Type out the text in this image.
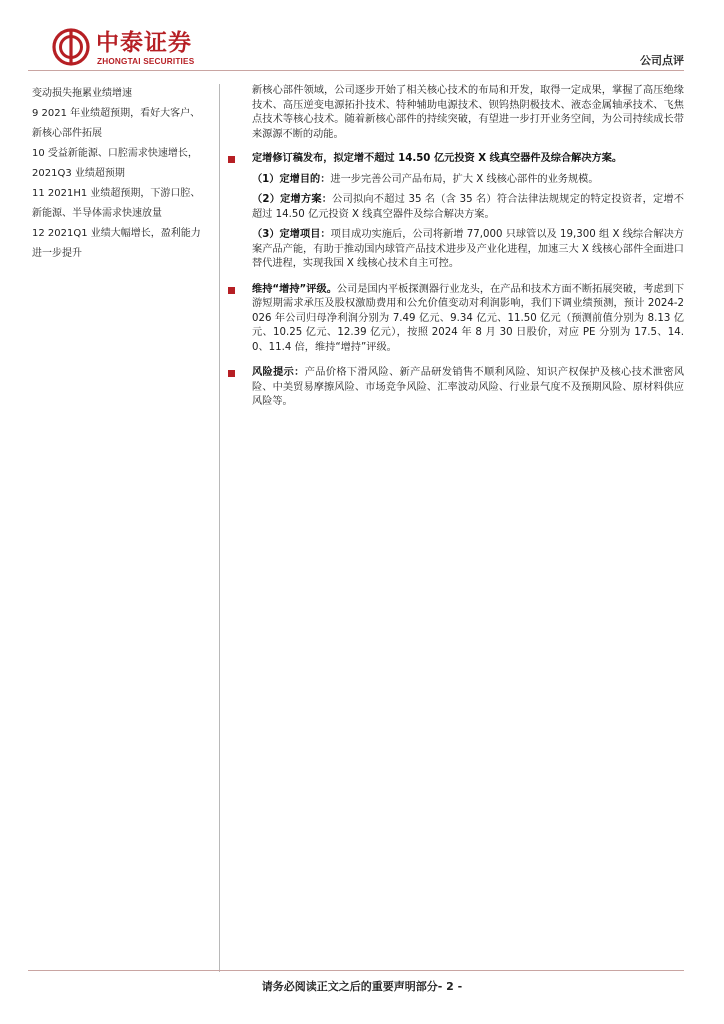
中泰证券
ZHONGTAI SECURITIES	公司点评
变动损失拖累业绩增速
9 2021 年业绩超预期，看好大客户、
新核心部件拓展
10 受益新能源、口腔需求快速增长，
2021Q3 业绩超预期
11 2021H1 业绩超预期，下游口腔、
新能源、半导体需求快速放量
12 2021Q1 业绩大幅增长，盈利能力
进一步提升

新核心部件领域，公司逐步开始了相关核心技术的布局和开发，取得一定成果，掌握了高压绝缘技术、高压逆变电源拓扑技术、特种辅助电源技术、钡钨热阴极技术、液态金属轴承技术、飞焦点技术等核心技术。随着新核心部件的持续突破，有望进一步打开业务空间，为公司持续成长带来源源不断的动能。

定增修订稿发布，拟定增不超过 14.50 亿元投资 X 线真空器件及综合解决方案。

（1）定增目的：进一步完善公司产品布局，扩大 X 线核心部件的业务规模。

（2）定增方案：公司拟向不超过 35 名（含 35 名）符合法律法规规定的特定投资者，定增不超过 14.50 亿元投资 X 线真空器件及综合解决方案。

（3）定增项目：项目成功实施后，公司将新增 77,000 只球管以及 19,300 组 X 线综合解决方案产品产能，有助于推动国内球管产品技术进步及产业化进程，加速三大 X 线核心部件全面进口替代进程，实现我国 X 线核心技术自主可控。

维持“增持”评级。公司是国内平板探测器行业龙头，在产品和技术方面不断拓展突破，考虑到下游短期需求承压及股权激励费用和公允价值变动对利润影响，我们下调业绩预测，预计 2024-2026 年公司归母净利润分别为 7.49 亿元、9.34 亿元、11.50 亿元（预测前值分别为 8.13 亿元、10.25 亿元、12.39 亿元），按照 2024 年 8 月 30 日股价，对应 PE 分别为 17.5、14.0、11.4 倍，维持“增持”评级。

风险提示：产品价格下滑风险、新产品研发销售不顺利风险、知识产权保护及核心技术泄密风险、中美贸易摩擦风险、市场竞争风险、汇率波动风险、行业景气度不及预期风险、原材料供应风险等。

请务必阅读正文之后的重要声明部分- 2 -
